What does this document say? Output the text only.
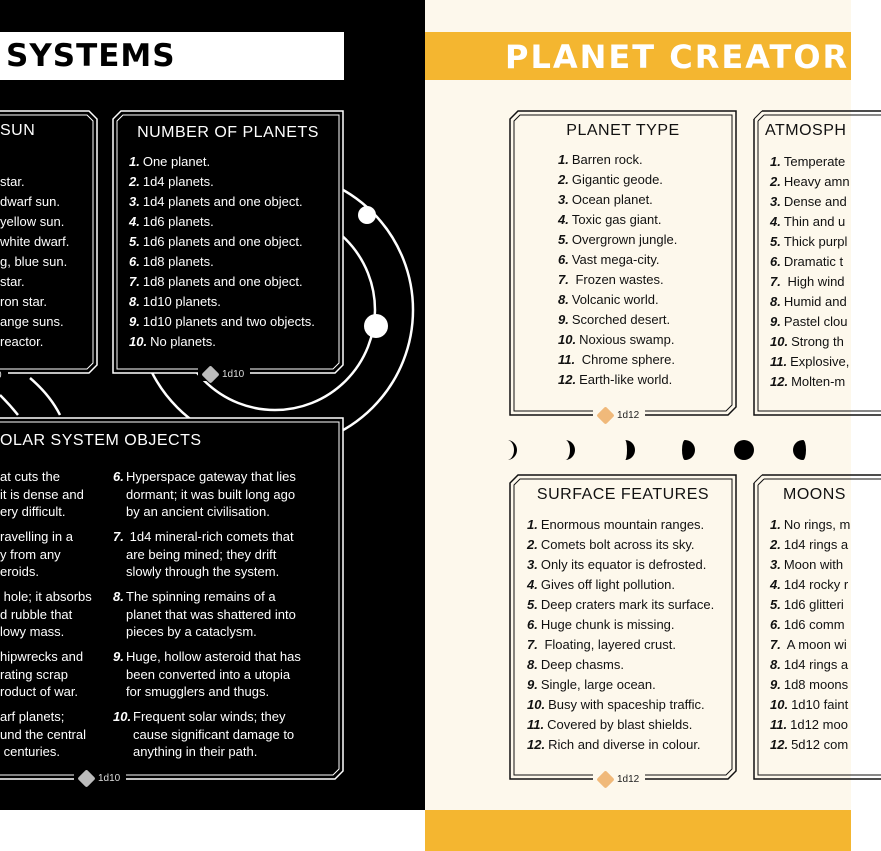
SYSTEMS
SUN
star.
dwarf sun.
yellow sun.
white dwarf.
g, blue sun.
star.
ron star.
ange suns.
reactor.
NUMBER OF PLANETS
1. One planet.
2. 1d4 planets.
3. 1d4 planets and one object.
4. 1d6 planets.
5. 1d6 planets and one object.
6. 1d8 planets.
7. 1d8 planets and one object.
8. 1d10 planets.
9. 1d10 planets and two objects.
10. No planets.
1d10
OLAR SYSTEM OBJECTS
at cuts the
it is dense and
ery difficult.
ravelling in a
y from any
eroids.
hole; it absorbs
d rubble that
lowy mass.
hipwrecks and
rating scrap
roduct of war.
arf planets;
und the central
centuries.
6. Hyperspace gateway that lies
dormant; it was built long ago
by an ancient civilisation.
7. 1d4 mineral-rich comets that
are being mined; they drift
slowly through the system.
8. The spinning remains of a
planet that was shattered into
pieces by a cataclysm.
9. Huge, hollow asteroid that has
been converted into a utopia
for smugglers and thugs.
10. Frequent solar winds; they
cause significant damage to
anything in their path.
1d10
PLANET CREATOR
PLANET TYPE
1. Barren rock.
2. Gigantic geode.
3. Ocean planet.
4. Toxic gas giant.
5. Overgrown jungle.
6. Vast mega-city.
7. Frozen wastes.
8. Volcanic world.
9. Scorched desert.
10. Noxious swamp.
11. Chrome sphere.
12. Earth-like world.
1d12
ATMOSPH
1. Temperate
2. Heavy amn
3. Dense and
4. Thin and u
5. Thick purpl
6. Dramatic t
7. High wind
8. Humid and
9. Pastel clou
10. Strong th
11. Explosive,
12. Molten-m
SURFACE FEATURES
1. Enormous mountain ranges.
2. Comets bolt across its sky.
3. Only its equator is defrosted.
4. Gives off light pollution.
5. Deep craters mark its surface.
6. Huge chunk is missing.
7. Floating, layered crust.
8. Deep chasms.
9. Single, large ocean.
10. Busy with spaceship traffic.
11. Covered by blast shields.
12. Rich and diverse in colour.
1d12
MOONS
1. No rings, m
2. 1d4 rings a
3. Moon with
4. 1d4 rocky r
5. 1d6 glitteri
6. 1d6 comm
7. A moon wi
8. 1d4 rings a
9. 1d8 moons
10. 1d10 faint
11. 1d12 moo
12. 5d12 com
